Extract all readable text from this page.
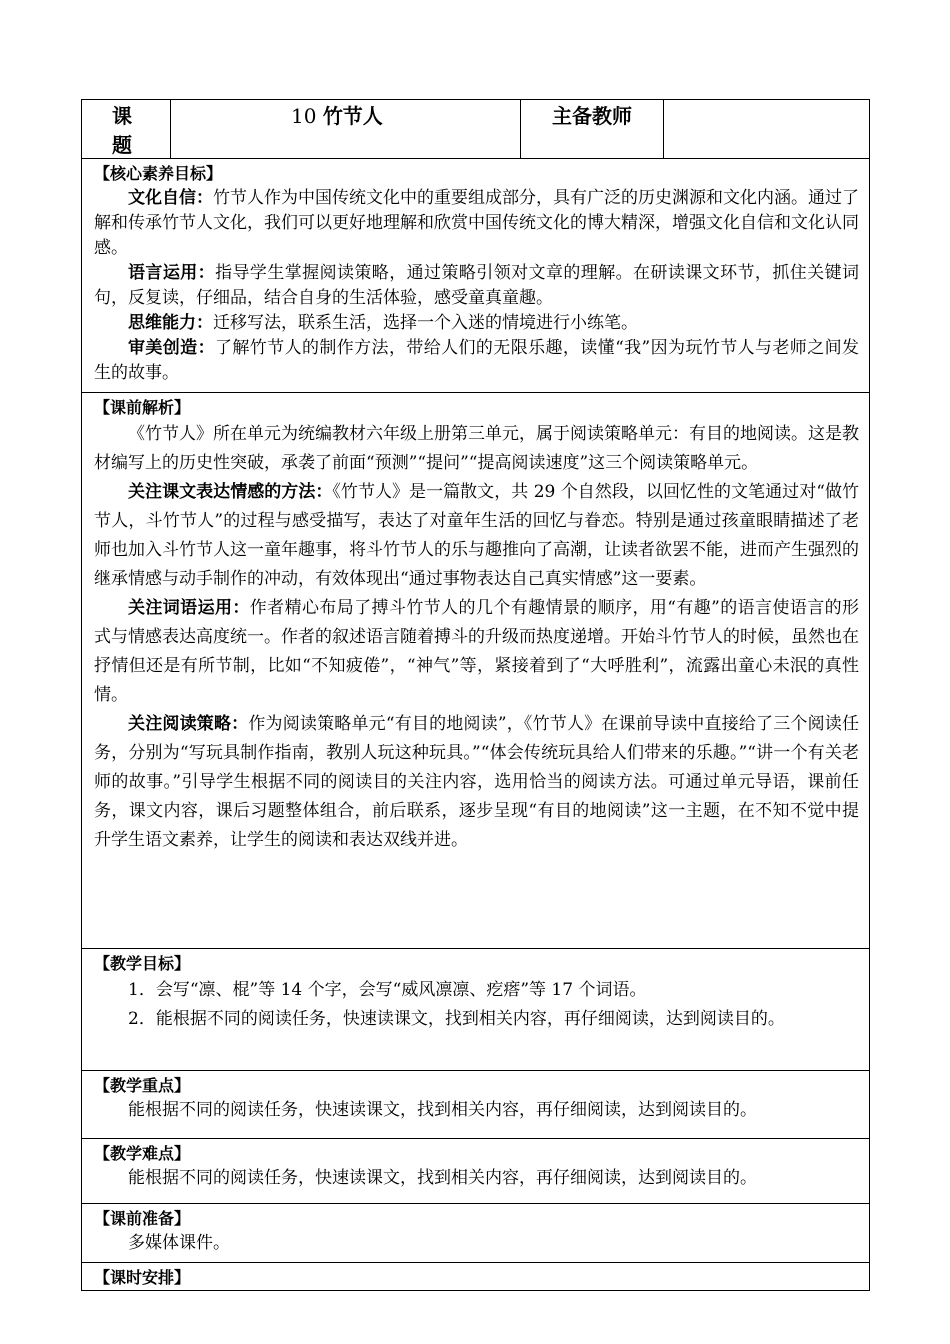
课　题	10 竹节人	主备教师	

【核心素养目标】

文化自信：竹节人作为中国传统文化中的重要组成部分，具有广泛的历史渊源和文化内涵。通过了解和传承竹节人文化，我们可以更好地理解和欣赏中国传统文化的博大精深，增强文化自信和文化认同感。

语言运用：指导学生掌握阅读策略，通过策略引领对文章的理解。在研读课文环节，抓住关键词句，反复读，仔细品，结合自身的生活体验，感受童真童趣。

思维能力：迁移写法，联系生活，选择一个入迷的情境进行小练笔。

审美创造：了解竹节人的制作方法，带给人们的无限乐趣，读懂“我”因为玩竹节人与老师之间发生的故事。

【课前解析】

《竹节人》所在单元为统编教材六年级上册第三单元，属于阅读策略单元：有目的地阅读。这是教材编写上的历史性突破，承袭了前面“预测”“提问”“提高阅读速度”这三个阅读策略单元。

关注课文表达情感的方法：《竹节人》是一篇散文，共 29 个自然段，以回忆性的文笔通过对“做竹节人，斗竹节人”的过程与感受描写，表达了对童年生活的回忆与眷恋。特别是通过孩童眼睛描述了老师也加入斗竹节人这一童年趣事，将斗竹节人的乐与趣推向了高潮，让读者欲罢不能，进而产生强烈的继承情感与动手制作的冲动，有效体现出“通过事物表达自己真实情感”这一要素。

关注词语运用：作者精心布局了搏斗竹节人的几个有趣情景的顺序，用“有趣”的语言使语言的形式与情感表达高度统一。作者的叙述语言随着搏斗的升级而热度递增。开始斗竹节人的时候，虽然也在抒情但还是有所节制，比如“不知疲倦”，“神气”等，紧接着到了“大呼胜利”，流露出童心未泯的真性情。

关注阅读策略：作为阅读策略单元“有目的地阅读”，《竹节人》在课前导读中直接给了三个阅读任务，分别为“写玩具制作指南，教别人玩这种玩具。”“体会传统玩具给人们带来的乐趣。”“讲一个有关老师的故事。”引导学生根据不同的阅读目的关注内容，选用恰当的阅读方法。可通过单元导语，课前任务，课文内容，课后习题整体组合，前后联系，逐步呈现“有目的地阅读”这一主题，在不知不觉中提升学生语文素养，让学生的阅读和表达双线并进。

【教学目标】

1．会写“凛、棍”等 14 个字，会写“威风凛凛、疙瘩”等 17 个词语。

2．能根据不同的阅读任务，快速读课文，找到相关内容，再仔细阅读，达到阅读目的。

【教学重点】

能根据不同的阅读任务，快速读课文，找到相关内容，再仔细阅读，达到阅读目的。

【教学难点】

能根据不同的阅读任务，快速读课文，找到相关内容，再仔细阅读，达到阅读目的。

【课前准备】

多媒体课件。

【课时安排】
